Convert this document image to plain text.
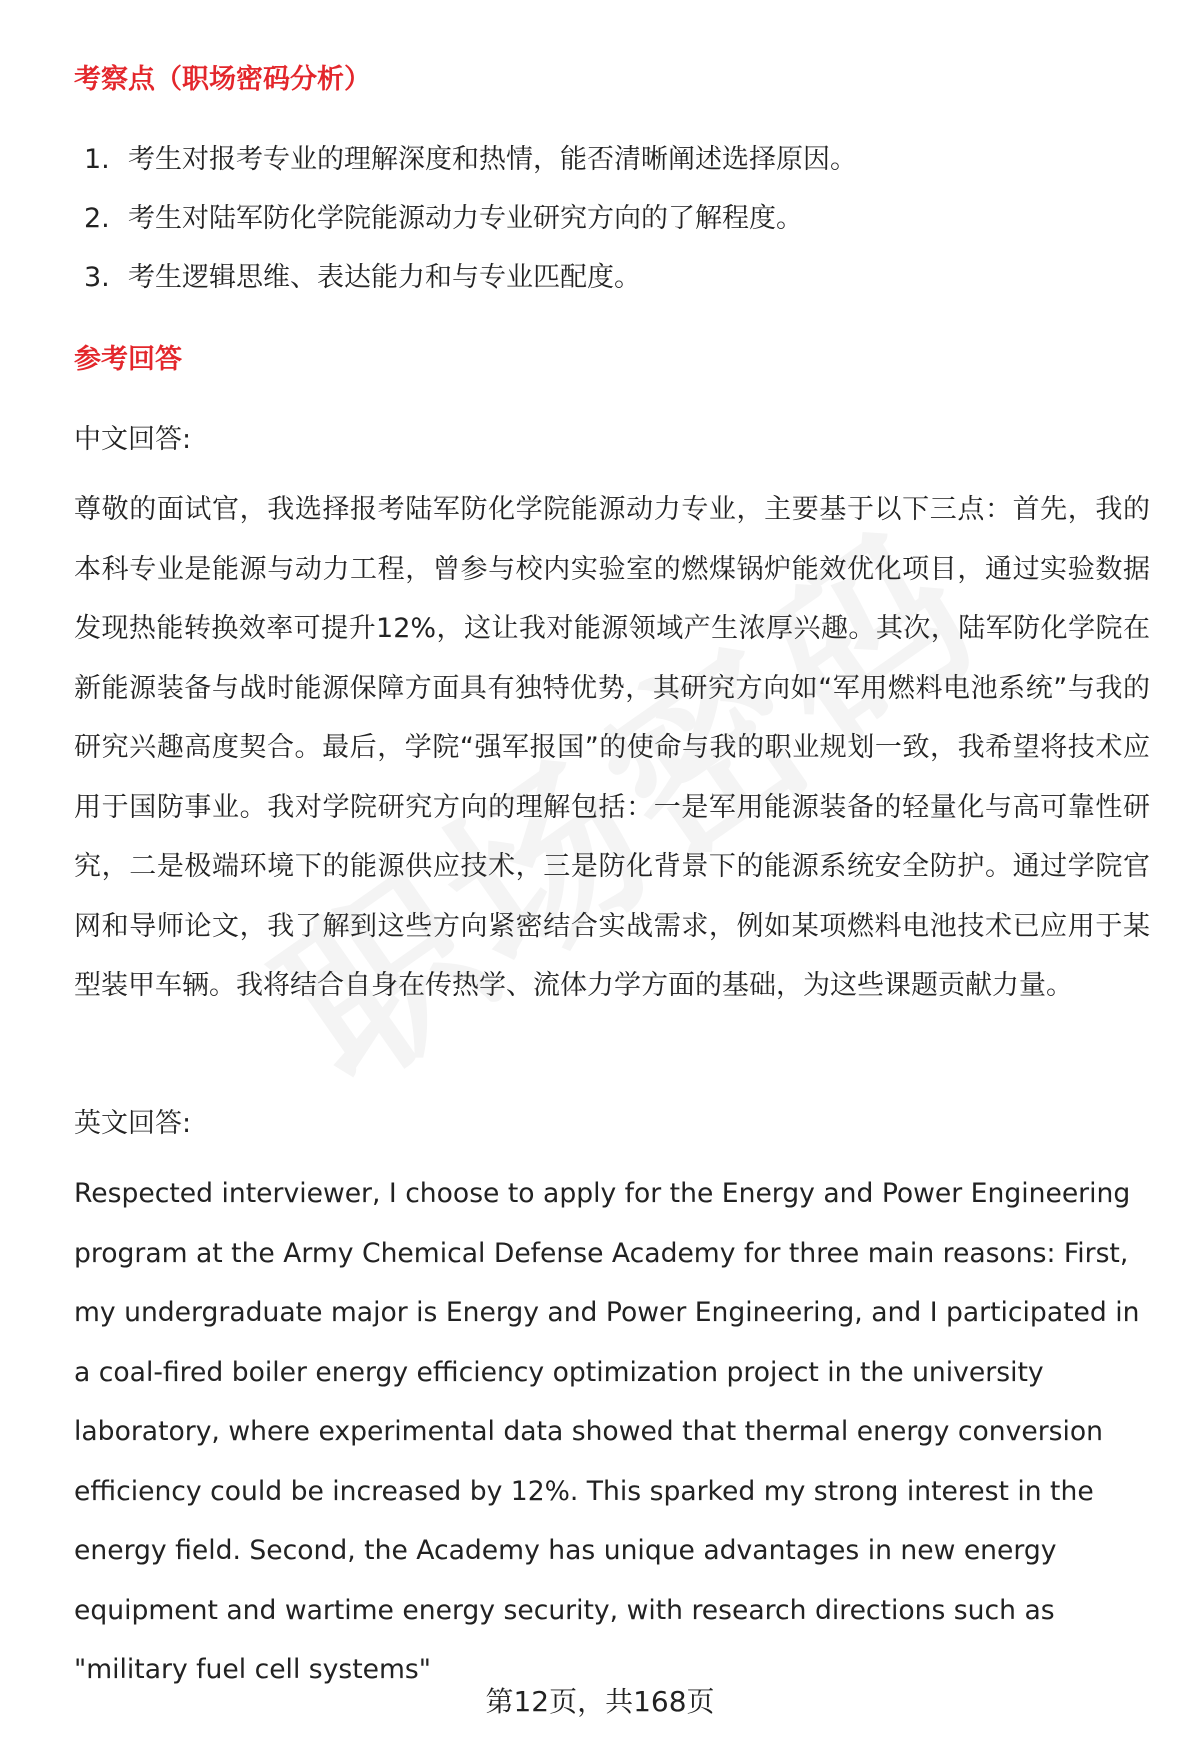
考察点（职场密码分析）
1. 考生对报考专业的理解深度和热情，能否清晰阐述选择原因。
2. 考生对陆军防化学院能源动力专业研究方向的了解程度。
3. 考生逻辑思维、表达能力和与专业匹配度。
参考回答

中文回答:

尊敬的面试官，我选择报考陆军防化学院能源动力专业，主要基于以下三点：首先，我的本科专业是能源与动力工程，曾参与校内实验室的燃煤锅炉能效优化项目，通过实验数据发现热能转换效率可提升12%，这让我对能源领域产生浓厚兴趣。其次，陆军防化学院在新能源装备与战时能源保障方面具有独特优势，其研究方向如“军用燃料电池系统”与我的研究兴趣高度契合。最后，学院“强军报国”的使命与我的职业规划一致，我希望将技术应用于国防事业。我对学院研究方向的理解包括：一是军用能源装备的轻量化与高可靠性研究，二是极端环境下的能源供应技术，三是防化背景下的能源系统安全防护。通过学院官网和导师论文，我了解到这些方向紧密结合实战需求，例如某项燃料电池技术已应用于某型装甲车辆。我将结合自身在传热学、流体力学方面的基础，为这些课题贡献力量。

英文回答:

Respected interviewer, I choose to apply for the Energy and Power Engineering program at the Army Chemical Defense Academy for three main reasons: First, my undergraduate major is Energy and Power Engineering, and I participated in a coal-fired boiler energy efficiency optimization project in the university laboratory, where experimental data showed that thermal energy conversion efficiency could be increased by 12%. This sparked my strong interest in the energy field. Second, the Academy has unique advantages in new energy equipment and wartime energy security, with research directions such as "military fuel cell systems"

第12页，共168页
